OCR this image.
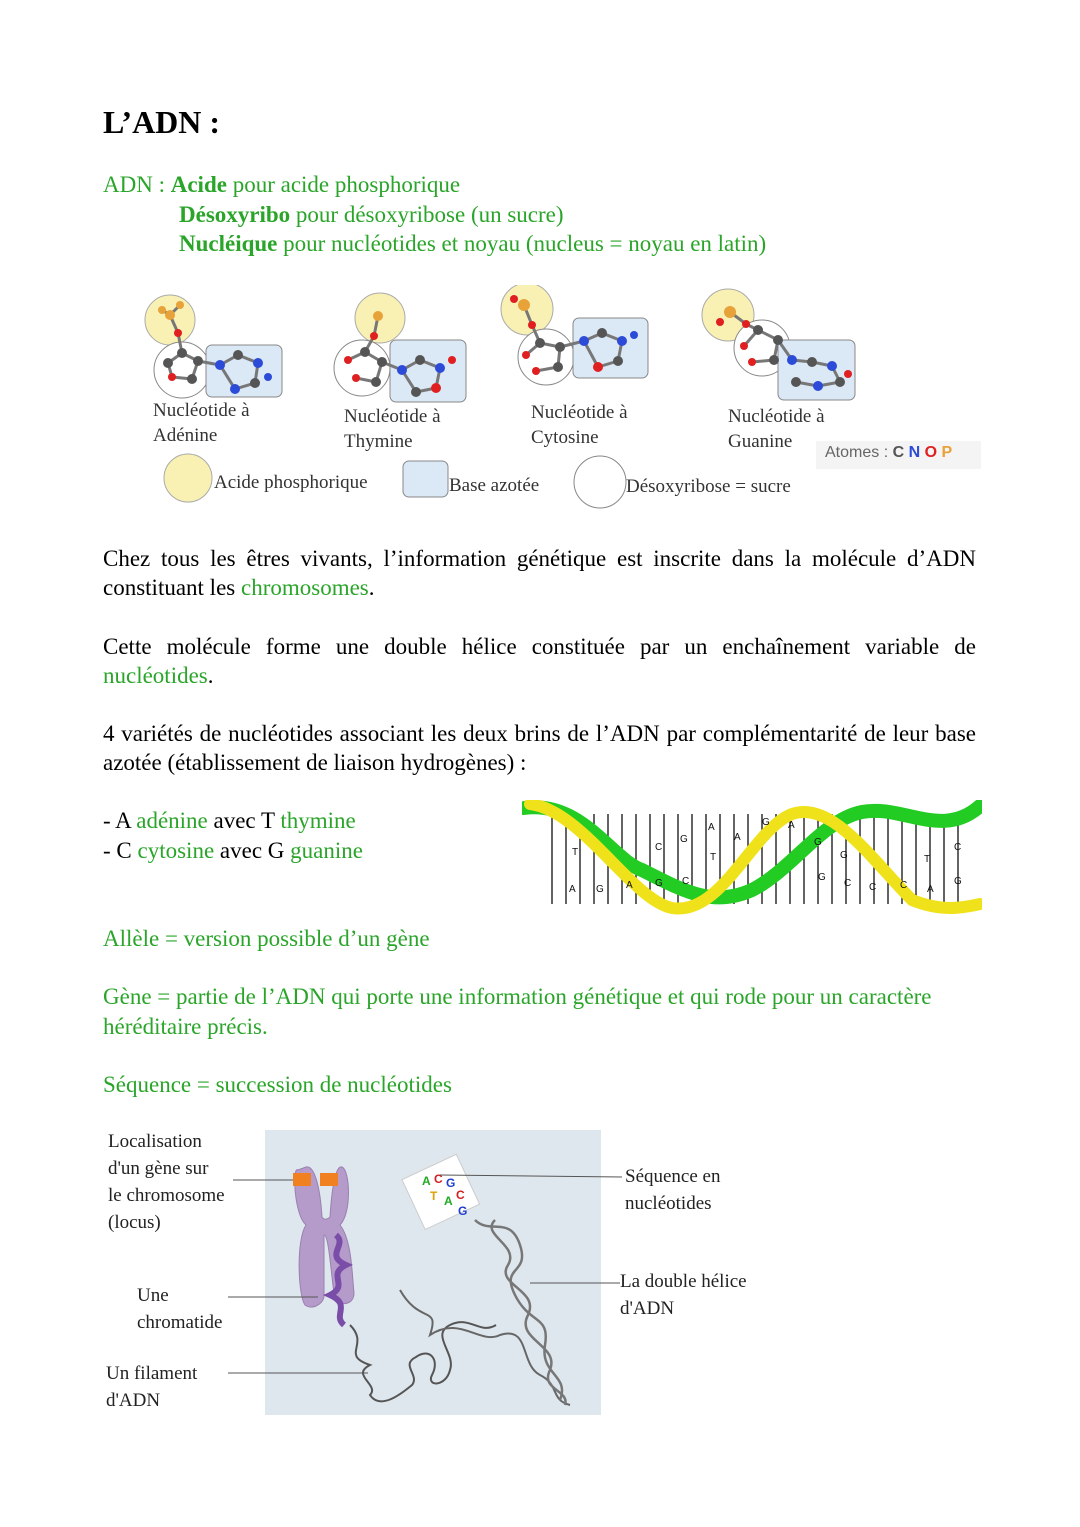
L’ADN :
ADN : Acide pour acide phosphorique
Désoxyribo pour désoxyribose (un sucre)
Nucléique pour nucléotides et noyau (nucleus = noyau en latin)
Nucléotide à
Adénine
Nucléotide à
Thymine
Nucléotide à
Cytosine
Nucléotide à
Guanine
Atomes : C N O P
Acide phosphorique	Base azotée	Désoxyribose = sucre
Chez tous les êtres vivants, l’information génétique est inscrite dans la molécule d’ADN constituant les chromosomes.
Cette molécule forme une double hélice constituée par un enchaînement variable de nucléotides.
4 variétés de nucléotides associant les deux brins de l’ADN par complémentarité de leur base azotée (établissement de liaison hydrogènes) :
- A adénine avec T thymine
- C cytosine avec G guanine	T	C
G
A
A
G A
G
G	T
C
A G A G C
T
G
C C C A
G
Allèle = version possible d’un gène
Gène = partie de l’ADN qui porte une information génétique et qui rode pour un caractère héréditaire précis.
Séquence = succession de nucléotides
A C G
T A C
G
Localisation
d'un gène sur
le chromosome
(locus)
Une
chromatide
Un filament
d'ADN
Séquence en
nucléotides
La double hélice
d'ADN
